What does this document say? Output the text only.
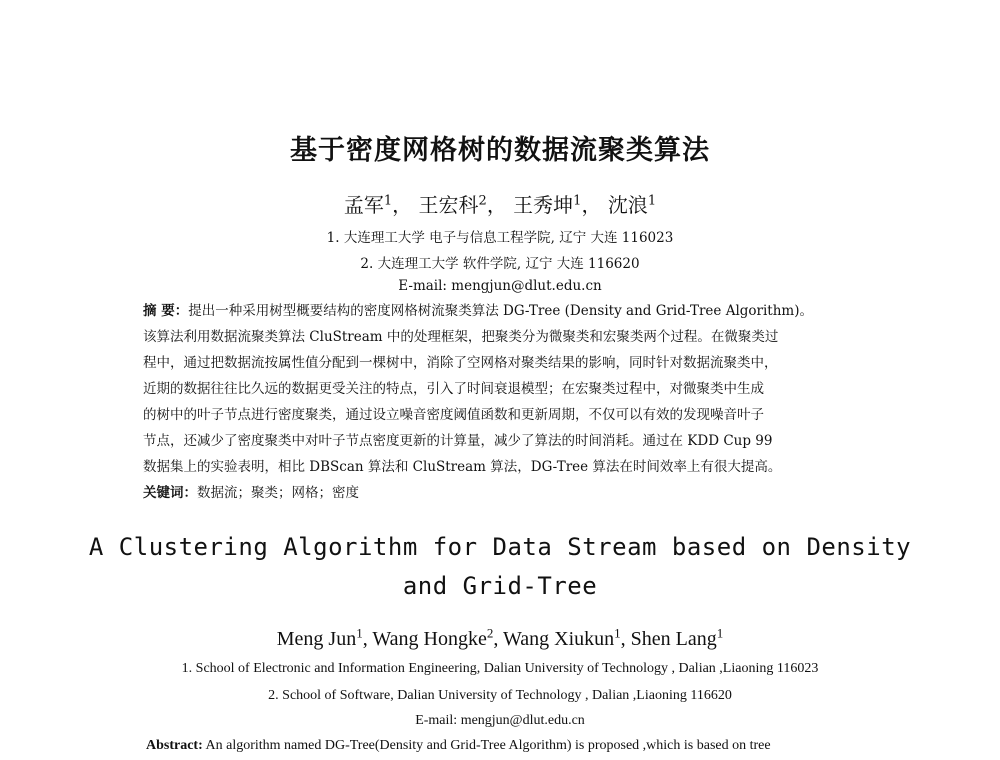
基于密度网格树的数据流聚类算法
孟军$^1$， 王宏科$^2$， 王秀坤$^1$， 沈浪$^1$
1. 大连理工大学 电子与信息工程学院, 辽宁 大连 116023
2. 大连理工大学 软件学院, 辽宁 大连 116620
E-mail: mengjun@dlut.edu.cn
摘 要：提出一种采用树型概要结构的密度网格树流聚类算法 DG-Tree (Density and Grid-Tree Algorithm)。
该算法利用数据流聚类算法 CluStream 中的处理框架，把聚类分为微聚类和宏聚类两个过程。在微聚类过
程中，通过把数据流按属性值分配到一棵树中，消除了空网格对聚类结果的影响，同时针对数据流聚类中，
近期的数据往往比久远的数据更受关注的特点，引入了时间衰退模型；在宏聚类过程中，对微聚类中生成
的树中的叶子节点进行密度聚类，通过设立噪音密度阈值函数和更新周期，不仅可以有效的发现噪音叶子
节点，还减少了密度聚类中对叶子节点密度更新的计算量，减少了算法的时间消耗。通过在 KDD Cup 99
数据集上的实验表明，相比 DBScan 算法和 CluStream 算法，DG-Tree 算法在时间效率上有很大提高。
关键词：数据流；聚类；网格；密度
A Clustering Algorithm for Data Stream based on Density
and Grid-Tree
Meng Jun$^1$, Wang Hongke$^2$, Wang Xiukun$^1$, Shen Lang$^1$
1. School of Electronic and Information Engineering, Dalian University of Technology , Dalian ,Liaoning 116023
2. School of Software, Dalian University of Technology , Dalian ,Liaoning 116620
E-mail: mengjun@dlut.edu.cn
Abstract: An algorithm named DG-Tree(Density and Grid-Tree Algorithm) is proposed ,which is based on tree
